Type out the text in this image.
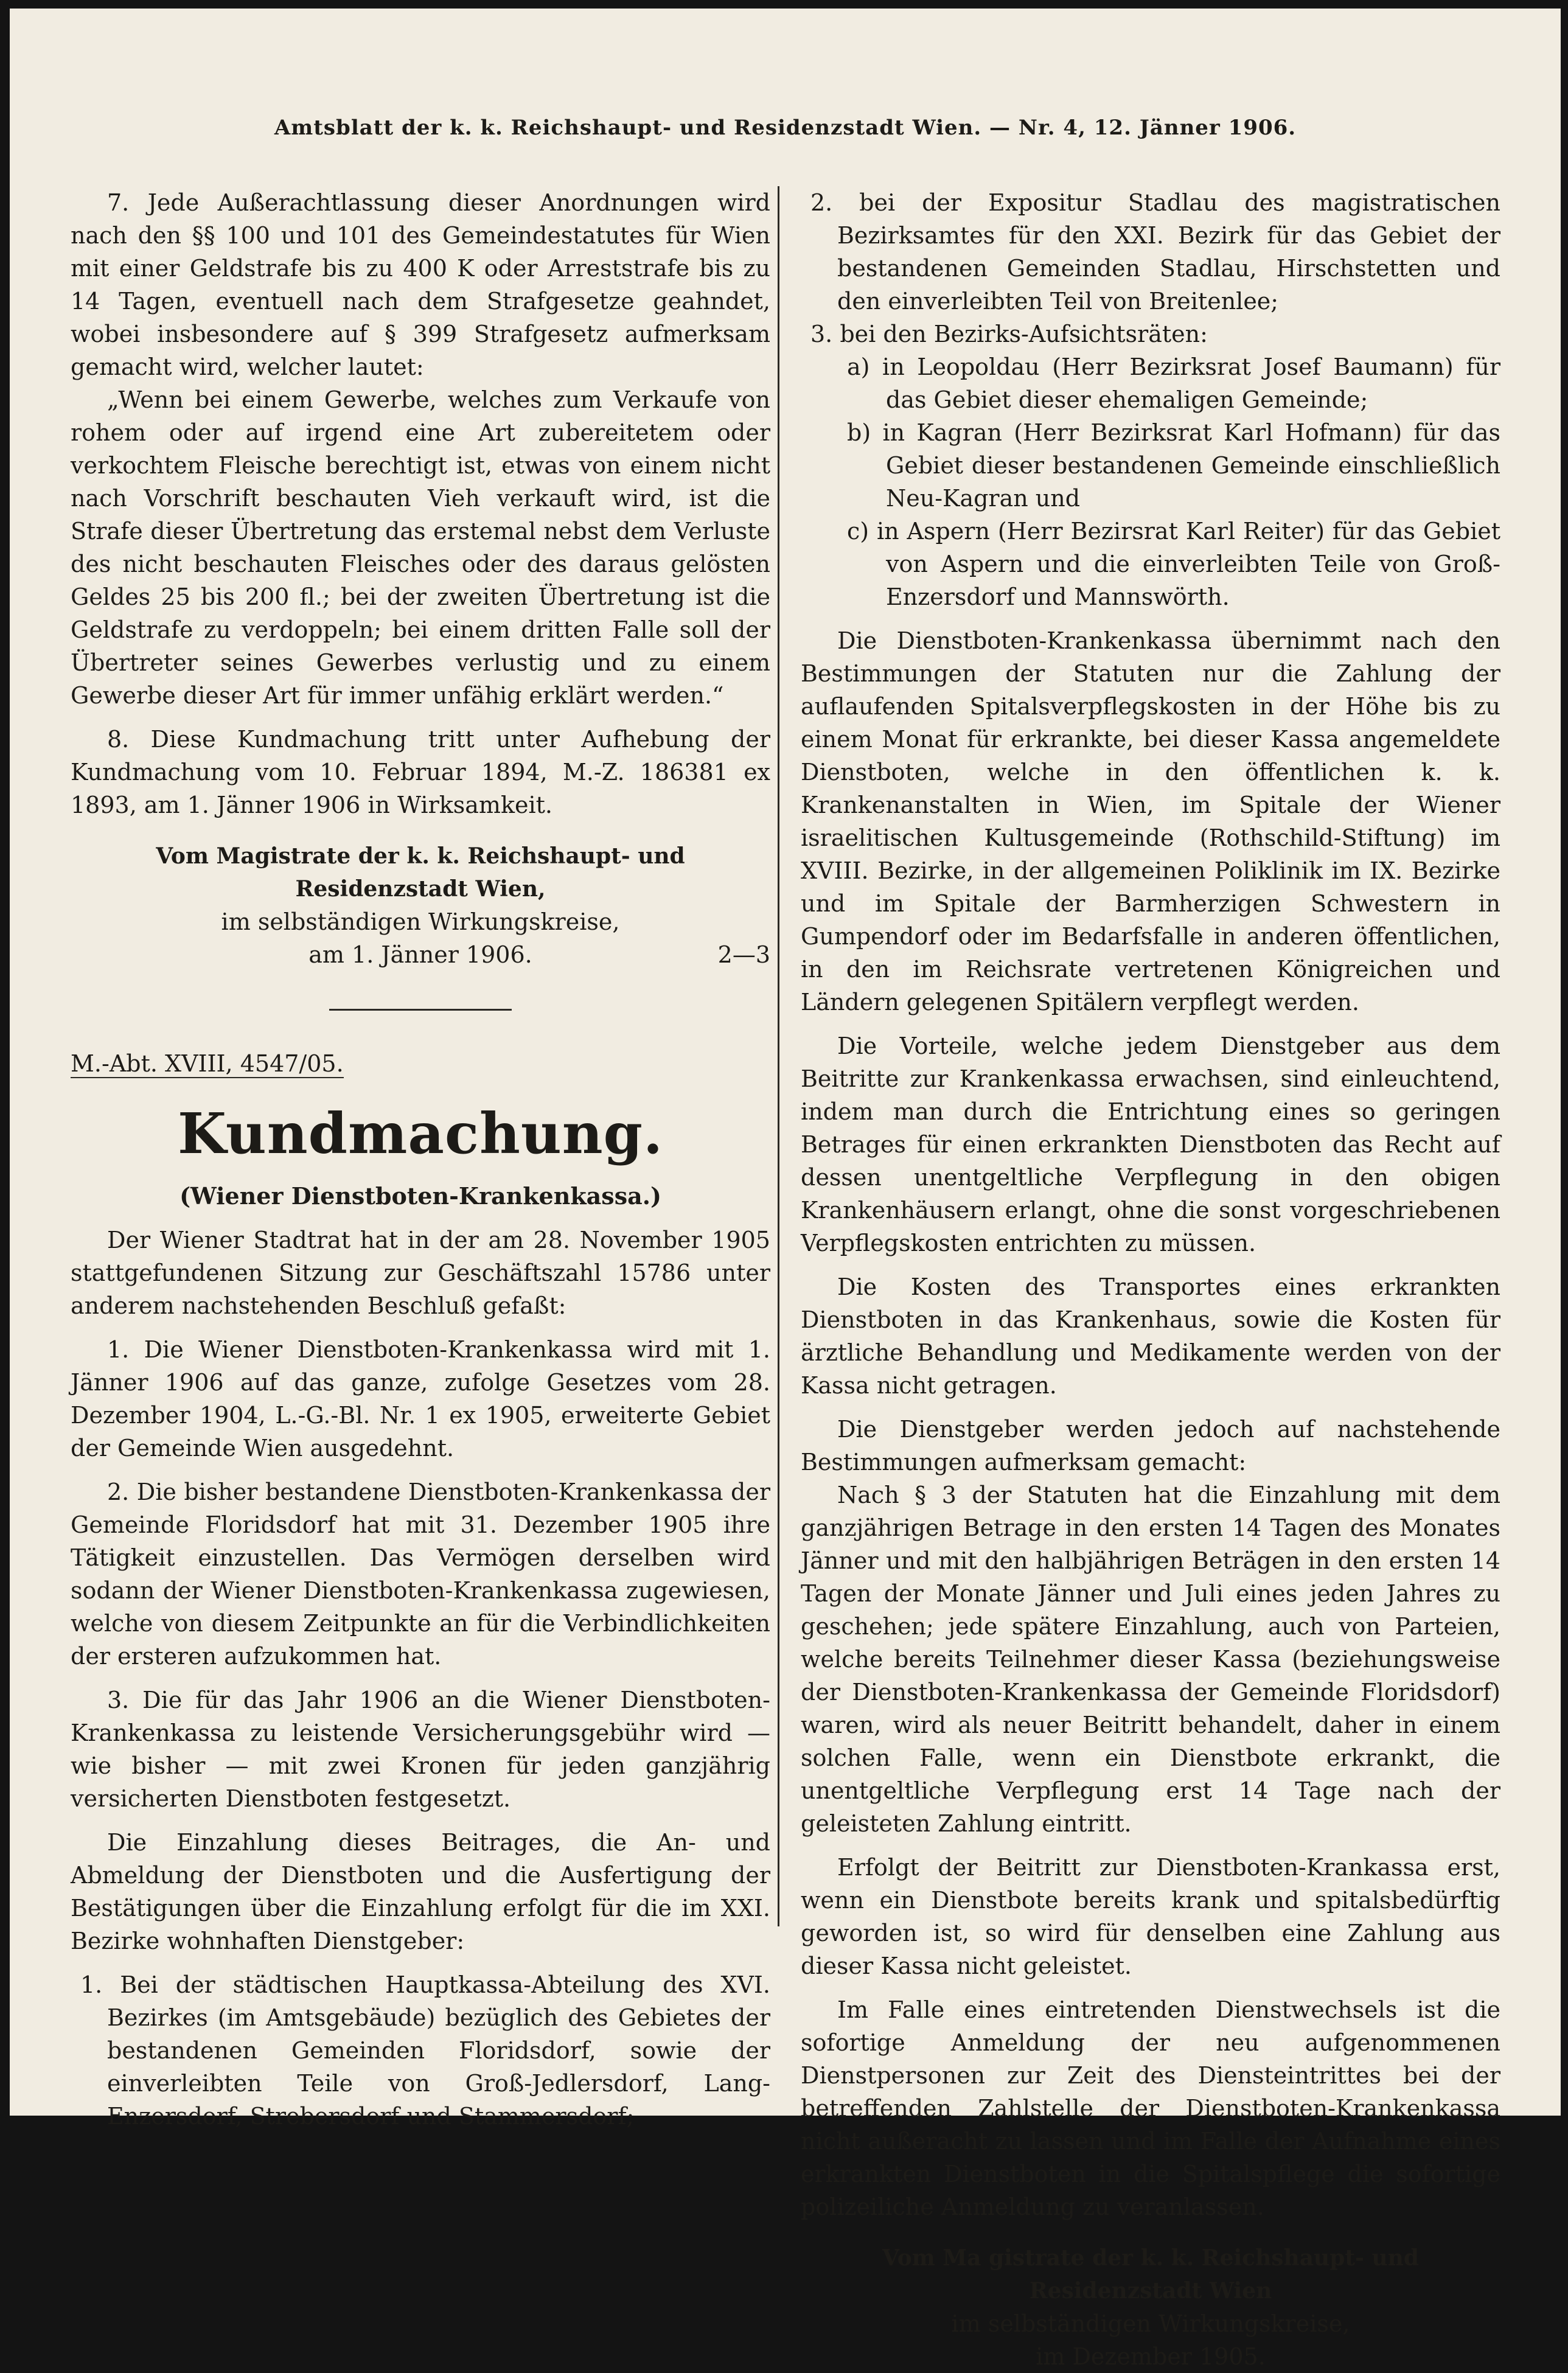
Amtsblatt der k. k. Reichshaupt- und Residenzstadt Wien. — Nr. 4, 12. Jänner 1906.

7. Jede Außerachtlassung dieser Anordnungen wird nach den §§ 100 und 101 des Gemeindestatutes für Wien mit einer Geldstrafe bis zu 400 K oder Arreststrafe bis zu 14 Tagen, eventuell nach dem Strafgesetze geahndet, wobei insbesondere auf § 399 Strafgesetz aufmerksam gemacht wird, welcher lautet:

„Wenn bei einem Gewerbe, welches zum Verkaufe von rohem oder auf irgend eine Art zubereitetem oder verkochtem Fleische berechtigt ist, etwas von einem nicht nach Vorschrift beschauten Vieh verkauft wird, ist die Strafe dieser Übertretung das erstemal nebst dem Verluste des nicht beschauten Fleisches oder des daraus gelösten Geldes 25 bis 200 fl.; bei der zweiten Übertretung ist die Geldstrafe zu verdoppeln; bei einem dritten Falle soll der Übertreter seines Gewerbes verlustig und zu einem Gewerbe dieser Art für immer unfähig erklärt werden.“

8. Diese Kundmachung tritt unter Aufhebung der Kundmachung vom 10. Februar 1894, M.-Z. 186381 ex 1893, am 1. Jänner 1906 in Wirksamkeit.

Vom Magistrate der k. k. Reichshaupt- und Residenzstadt Wien,

im selbständigen Wirkungskreise,

am 1. Jänner 1906.	2—3

M.-Abt. XVIII, 4547/05.

Kundmachung.
(Wiener Dienstboten-Krankenkassa.)

Der Wiener Stadtrat hat in der am 28. November 1905 stattgefundenen Sitzung zur Geschäftszahl 15786 unter anderem nachstehenden Beschluß gefaßt:

1. Die Wiener Dienstboten-Krankenkassa wird mit 1. Jänner 1906 auf das ganze, zufolge Gesetzes vom 28. Dezember 1904, L.-G.-Bl. Nr. 1 ex 1905, erweiterte Gebiet der Gemeinde Wien ausgedehnt.

2. Die bisher bestandene Dienstboten-Krankenkassa der Gemeinde Floridsdorf hat mit 31. Dezember 1905 ihre Tätigkeit einzustellen. Das Vermögen derselben wird sodann der Wiener Dienstboten-Krankenkassa zugewiesen, welche von diesem Zeitpunkte an für die Verbindlichkeiten der ersteren aufzukommen hat.

3. Die für das Jahr 1906 an die Wiener Dienstboten-Krankenkassa zu leistende Versicherungsgebühr wird — wie bisher — mit zwei Kronen für jeden ganzjährig versicherten Dienstboten festgesetzt.

Die Einzahlung dieses Beitrages, die An- und Abmeldung der Dienstboten und die Ausfertigung der Bestätigungen über die Einzahlung erfolgt für die im XXI. Bezirke wohnhaften Dienstgeber:

1. Bei der städtischen Hauptkassa-Abteilung des XVI. Bezirkes (im Amtsgebäude) bezüglich des Gebietes der bestandenen Gemeinden Floridsdorf, sowie der einverleibten Teile von Groß-Jedlersdorf, Lang-Enzersdorf, Strebersdorf und Stammersdorf;

2. bei der Expositur Stadlau des magistratischen Bezirksamtes für den XXI. Bezirk für das Gebiet der bestandenen Gemeinden Stadlau, Hirschstetten und den einverleibten Teil von Breitenlee;

3. bei den Bezirks-Aufsichtsräten:

a) in Leopoldau (Herr Bezirksrat Josef Baumann) für das Gebiet dieser ehemaligen Gemeinde;

b) in Kagran (Herr Bezirksrat Karl Hofmann) für das Gebiet dieser bestandenen Gemeinde einschließlich Neu-Kagran und

c) in Aspern (Herr Bezirsrat Karl Reiter) für das Gebiet von Aspern und die einverleibten Teile von Groß-Enzersdorf und Mannswörth.

Die Dienstboten-Krankenkassa übernimmt nach den Bestimmungen der Statuten nur die Zahlung der auflaufenden Spitalsverpflegskosten in der Höhe bis zu einem Monat für erkrankte, bei dieser Kassa angemeldete Dienstboten, welche in den öffentlichen k. k. Krankenanstalten in Wien, im Spitale der Wiener israelitischen Kultusgemeinde (Rothschild-Stiftung) im XVIII. Bezirke, in der allgemeinen Poliklinik im IX. Bezirke und im Spitale der Barmherzigen Schwestern in Gumpendorf oder im Bedarfsfalle in anderen öffentlichen, in den im Reichsrate vertretenen Königreichen und Ländern gelegenen Spitälern verpflegt werden.

Die Vorteile, welche jedem Dienstgeber aus dem Beitritte zur Krankenkassa erwachsen, sind einleuchtend, indem man durch die Entrichtung eines so geringen Betrages für einen erkrankten Dienstboten das Recht auf dessen unentgeltliche Verpflegung in den obigen Krankenhäusern erlangt, ohne die sonst vorgeschriebenen Verpflegskosten entrichten zu müssen.

Die Kosten des Transportes eines erkrankten Dienstboten in das Krankenhaus, sowie die Kosten für ärztliche Behandlung und Medikamente werden von der Kassa nicht getragen.

Die Dienstgeber werden jedoch auf nachstehende Bestimmungen aufmerksam gemacht:

Nach § 3 der Statuten hat die Einzahlung mit dem ganzjährigen Betrage in den ersten 14 Tagen des Monates Jänner und mit den halbjährigen Beträgen in den ersten 14 Tagen der Monate Jänner und Juli eines jeden Jahres zu geschehen; jede spätere Einzahlung, auch von Parteien, welche bereits Teilnehmer dieser Kassa (beziehungsweise der Dienstboten-Krankenkassa der Gemeinde Floridsdorf) waren, wird als neuer Beitritt behandelt, daher in einem solchen Falle, wenn ein Dienstbote erkrankt, die unentgeltliche Verpflegung erst 14 Tage nach der geleisteten Zahlung eintritt.

Erfolgt der Beitritt zur Dienstboten-Krankassa erst, wenn ein Dienstbote bereits krank und spitalsbedürftig geworden ist, so wird für denselben eine Zahlung aus dieser Kassa nicht geleistet.

Im Falle eines eintretenden Dienstwechsels ist die sofortige Anmeldung der neu aufgenommenen Dienstpersonen zur Zeit des Diensteintrittes bei der betreffenden Zahlstelle der Dienstboten-Krankenkassa nicht außeracht zu lassen und im Falle der Aufnahme eines erkrankten Dienstboten in die Spitalspflege die sofortige polizeiliche Anmeldung zu veranlassen.

Vom Ma gistrate der k. k. Reichshaupt- und Residenzstadt Wien

im selbständigen Wirkungskreise,

im Dezember 1905.
